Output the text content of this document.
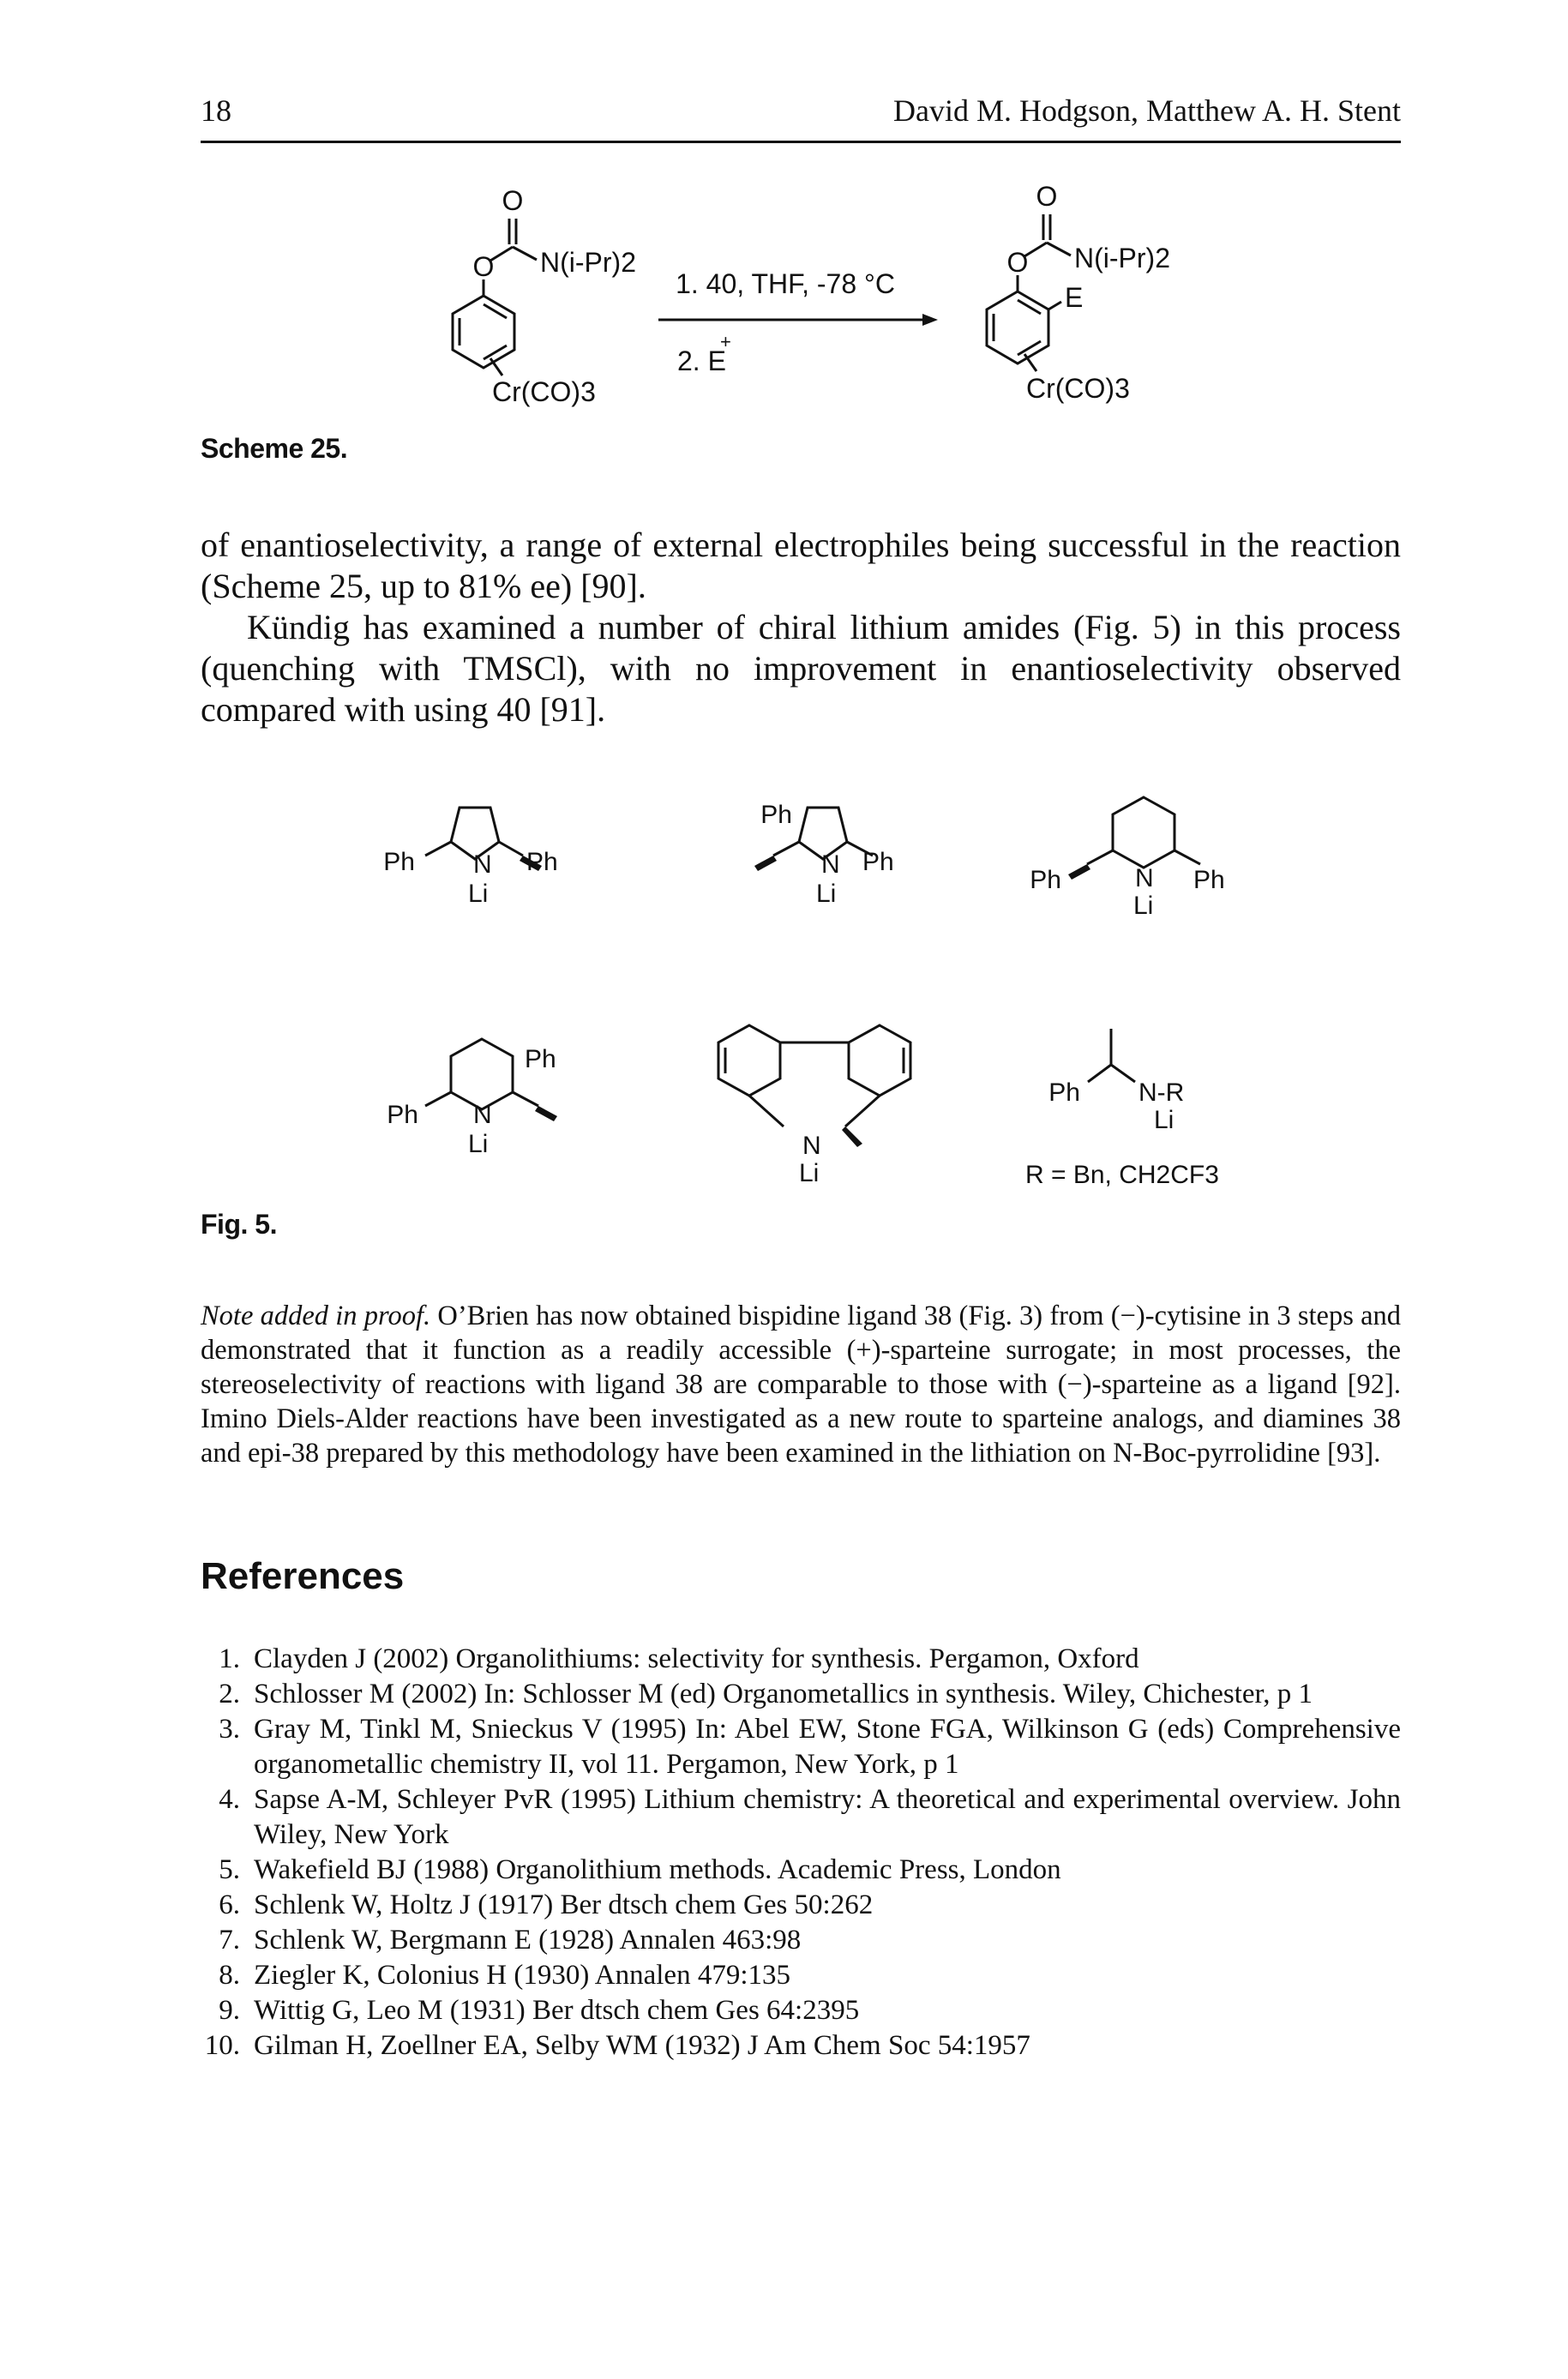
18	David M. Hodgson, Matthew A. H. Stent
O
O N(i-Pr)2
Cr(CO)3
1. 40, THF, -78 °C
2. E
+
O
O N(i-Pr)2
E
Cr(CO)3
Scheme 25.

of enantioselectivity, a range of external electrophiles being successful in the reaction (Scheme 25, up to 81% ee) [90].

Kündig has examined a number of chiral lithium amides (Fig. 5) in this process (quenching with TMSCl), with no improvement in enantioselectivity observed compared with using 40 [91].

Ph N
Li
Ph
Ph
N
Li
Ph
Ph	N
Li
Ph
Ph N
Li
Ph
N
Li
Ph N-R
Li
R = Bn, CH2CF3
Fig. 5.
Note added in proof. O’Brien has now obtained bispidine ligand 38 (Fig. 3) from (−)-cytisine in 3 steps and demonstrated that it function as a readily accessible (+)-sparteine surrogate; in most processes, the stereoselectivity of reactions with ligand 38 are comparable to those with (−)-sparteine as a ligand [92]. Imino Diels-Alder reactions have been investigated as a new route to sparteine analogs, and diamines 38 and epi-38 prepared by this methodology have been examined in the lithiation on N-Boc-pyrrolidine [93].
References
1. Clayden J (2002) Organolithiums: selectivity for synthesis. Pergamon, Oxford
2. Schlosser M (2002) In: Schlosser M (ed) Organometallics in synthesis. Wiley, Chichester, p 1
3. Gray M, Tinkl M, Snieckus V (1995) In: Abel EW, Stone FGA, Wilkinson G (eds) Comprehensive organometallic chemistry II, vol 11. Pergamon, New York, p 1
4. Sapse A-M, Schleyer PvR (1995) Lithium chemistry: A theoretical and experimental overview. John Wiley, New York
5. Wakefield BJ (1988) Organolithium methods. Academic Press, London
6. Schlenk W, Holtz J (1917) Ber dtsch chem Ges 50:262
7. Schlenk W, Bergmann E (1928) Annalen 463:98
8. Ziegler K, Colonius H (1930) Annalen 479:135
9. Wittig G, Leo M (1931) Ber dtsch chem Ges 64:2395
10. Gilman H, Zoellner EA, Selby WM (1932) J Am Chem Soc 54:1957
